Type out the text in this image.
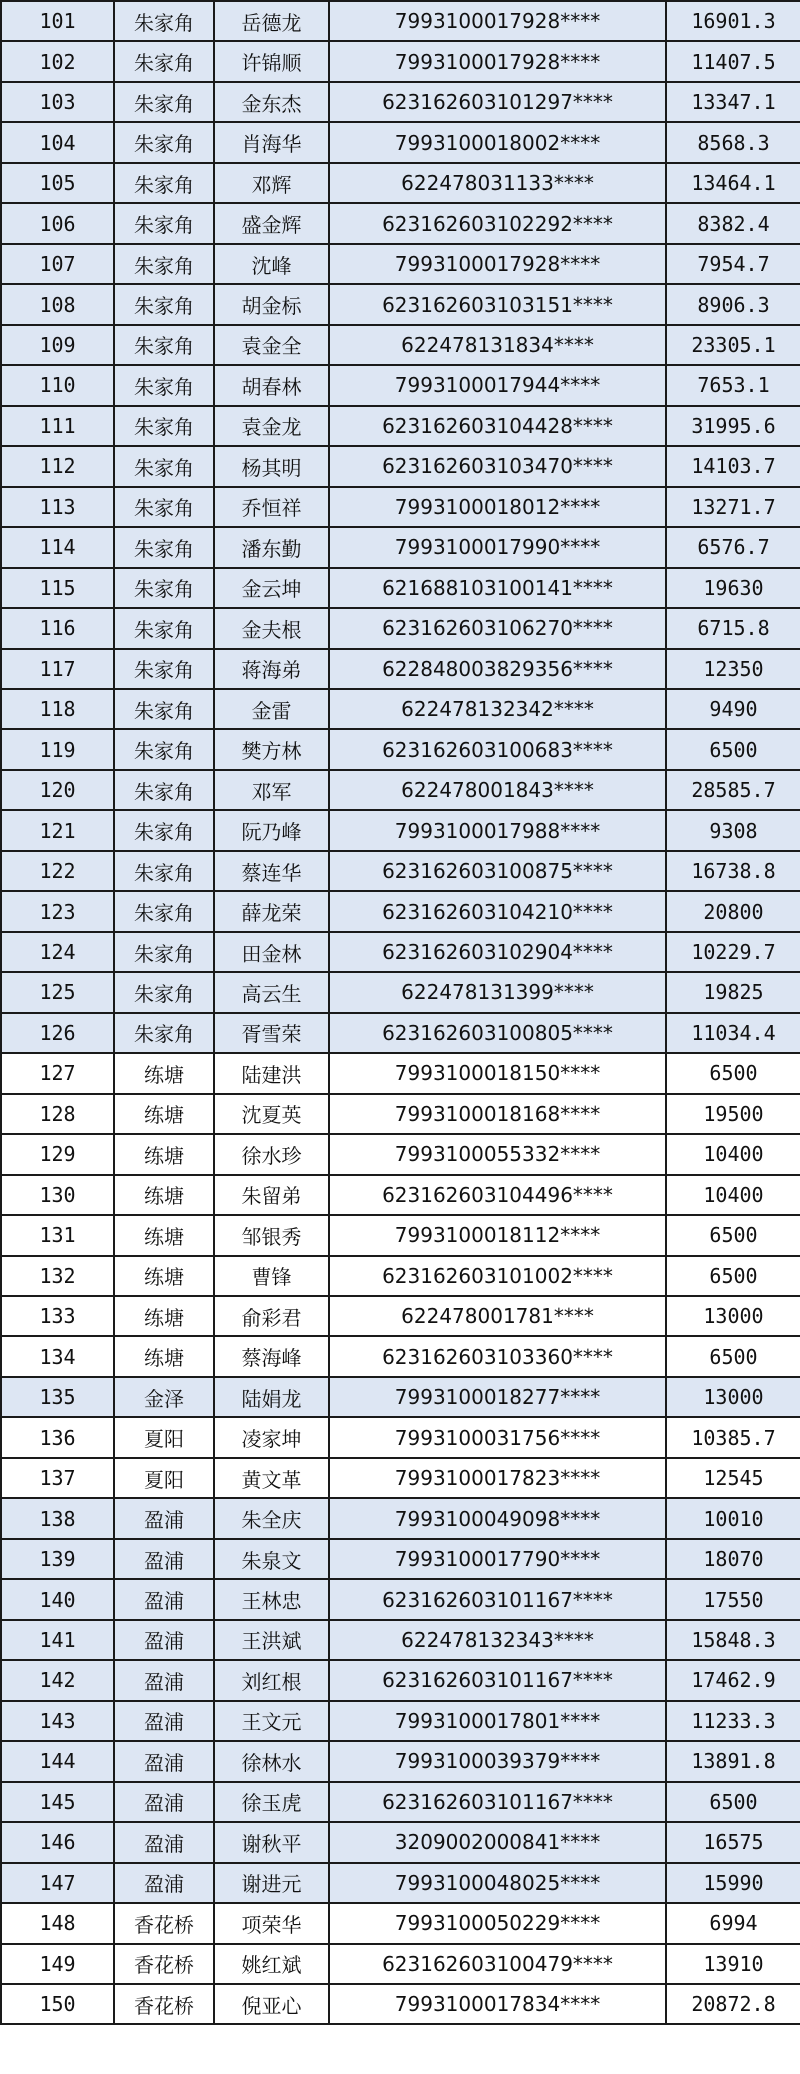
101	朱家角	岳德龙	7993100017928****	16901.3
102	朱家角	许锦顺	7993100017928****	11407.5
103	朱家角	金东杰	623162603101297****	13347.1
104	朱家角	肖海华	7993100018002****	8568.3
105	朱家角	邓辉	622478031133****	13464.1
106	朱家角	盛金辉	623162603102292****	8382.4
107	朱家角	沈峰	7993100017928****	7954.7
108	朱家角	胡金标	623162603103151****	8906.3
109	朱家角	袁金全	622478131834****	23305.1
110	朱家角	胡春林	7993100017944****	7653.1
111	朱家角	袁金龙	623162603104428****	31995.6
112	朱家角	杨其明	623162603103470****	14103.7
113	朱家角	乔恒祥	7993100018012****	13271.7
114	朱家角	潘东勤	7993100017990****	6576.7
115	朱家角	金云坤	621688103100141****	19630
116	朱家角	金夫根	623162603106270****	6715.8
117	朱家角	蒋海弟	622848003829356****	12350
118	朱家角	金雷	622478132342****	9490
119	朱家角	樊方林	623162603100683****	6500
120	朱家角	邓军	622478001843****	28585.7
121	朱家角	阮乃峰	7993100017988****	9308
122	朱家角	蔡连华	623162603100875****	16738.8
123	朱家角	薛龙荣	623162603104210****	20800
124	朱家角	田金林	623162603102904****	10229.7
125	朱家角	高云生	622478131399****	19825
126	朱家角	胥雪荣	623162603100805****	11034.4
127	练塘	陆建洪	7993100018150****	6500
128	练塘	沈夏英	7993100018168****	19500
129	练塘	徐水珍	7993100055332****	10400
130	练塘	朱留弟	623162603104496****	10400
131	练塘	邹银秀	7993100018112****	6500
132	练塘	曹锋	623162603101002****	6500
133	练塘	俞彩君	622478001781****	13000
134	练塘	蔡海峰	623162603103360****	6500
135	金泽	陆娟龙	7993100018277****	13000
136	夏阳	凌家坤	7993100031756****	10385.7
137	夏阳	黄文革	7993100017823****	12545
138	盈浦	朱全庆	7993100049098****	10010
139	盈浦	朱泉文	7993100017790****	18070
140	盈浦	王林忠	623162603101167****	17550
141	盈浦	王洪斌	622478132343****	15848.3
142	盈浦	刘红根	623162603101167****	17462.9
143	盈浦	王文元	7993100017801****	11233.3
144	盈浦	徐林水	7993100039379****	13891.8
145	盈浦	徐玉虎	623162603101167****	6500
146	盈浦	谢秋平	3209002000841****	16575
147	盈浦	谢进元	7993100048025****	15990
148	香花桥	项荣华	7993100050229****	6994
149	香花桥	姚红斌	623162603100479****	13910
150	香花桥	倪亚心	7993100017834****	20872.8
